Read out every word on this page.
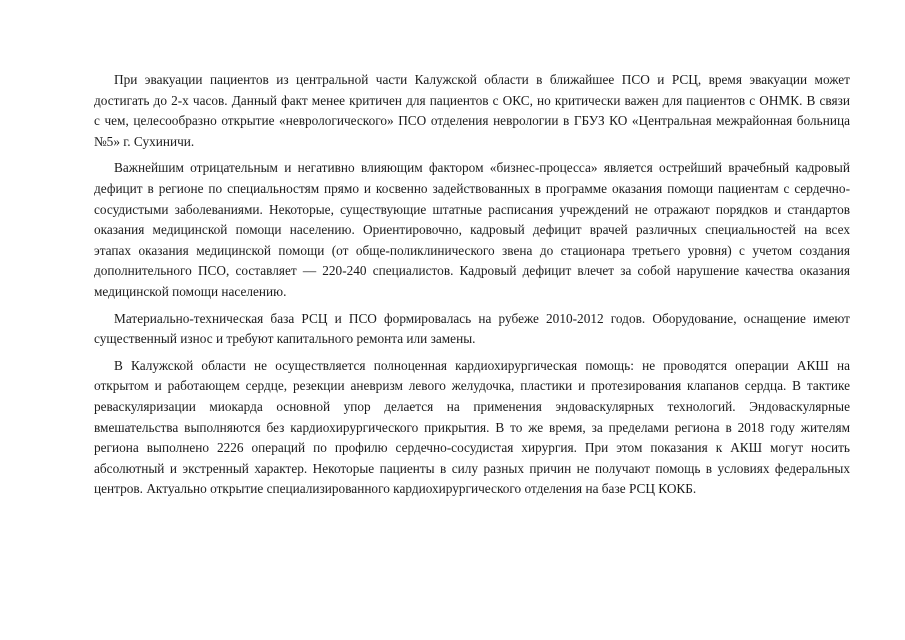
При эвакуации пациентов из центральной части Калужской области в ближайшее ПСО и РСЦ, время эвакуации может
достигать до 2-х часов. Данный факт менее критичен для пациентов с ОКС, но критически важен для пациентов с ОНМК. В связи
с чем, целесообразно открытие «неврологического» ПСО отделения неврологии в ГБУЗ КО «Центральная межрайонная больница
№5» г. Сухиничи.

Важнейшим отрицательным и негативно влияющим фактором «бизнес-процесса» является острейший врачебный кадровый
дефицит в регионе по специальностям прямо и косвенно задействованных в программе оказания помощи пациентам с сердечно-
сосудистыми заболеваниями. Некоторые, существующие штатные расписания учреждений не отражают порядков и стандартов
оказания медицинской помощи населению. Ориентировочно, кадровый дефицит врачей различных специальностей на всех
этапах оказания медицинской помощи (от обще-поликлинического звена до стационара третьего уровня) с учетом создания
дополнительного ПСО, составляет — 220-240 специалистов. Кадровый дефицит влечет за собой нарушение качества оказания
медицинской помощи населению.

Материально-техническая база РСЦ и ПСО формировалась на рубеже 2010-2012 годов. Оборудование, оснащение имеют
существенный износ и требуют капитального ремонта или замены.

В Калужской области не осуществляется полноценная кардиохирургическая помощь: не проводятся операции АКШ на
открытом и работающем сердце, резекции аневризм левого желудочка, пластики и протезирования клапанов сердца. В тактике
реваскуляризации миокарда основной упор делается на применения эндоваскулярных технологий. Эндоваскулярные
вмешательства выполняются без кардиохирургического прикрытия. В то же время, за пределами региона в 2018 году жителям
региона выполнено 2226 операций по профилю сердечно-сосудистая хирургия. При этом показания к АКШ могут носить
абсолютный и экстренный характер. Некоторые пациенты в силу разных причин не получают помощь в условиях федеральных
центров. Актуально открытие специализированного кардиохирургического отделения на базе РСЦ КОКБ.
